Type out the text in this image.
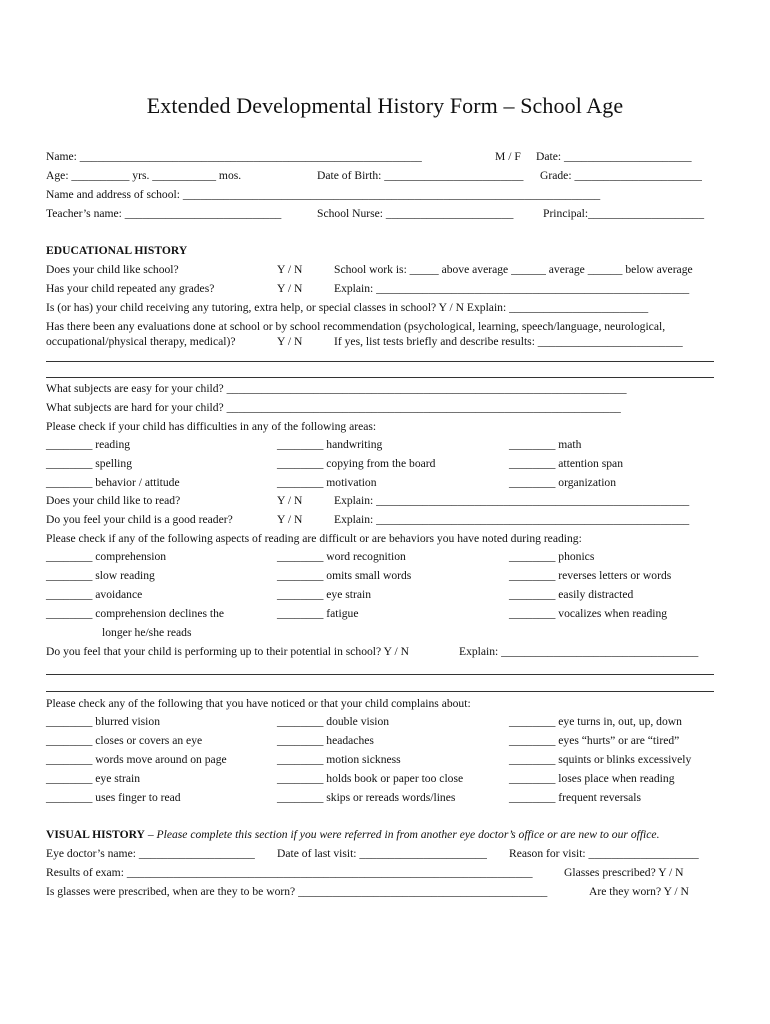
Extended Developmental History Form – School Age
Name: ___________________________________________________________	M / F Date: ______________________
Age: __________ yrs. ___________ mos.	Date of Birth: ________________________ Grade: ______________________
Name and address of school: ________________________________________________________________________
Teacher’s name: ___________________________	School Nurse: ______________________	Principal:____________________
EDUCATIONAL HISTORY
Does your child like school?	Y / N	School work is: _____ above average ______ average ______ below average
Has your child repeated any grades?	Y / N	Explain: ______________________________________________________
Is (or has) your child receiving any tutoring, extra help, or special classes in school? Y / N Explain: ________________________
Has there been any evaluations done at school or by school recommendation (psychological, learning, speech/language, neurological,
occupational/physical therapy, medical)?	Y / N	If yes, list tests briefly and describe results: _________________________
What subjects are easy for your child? _____________________________________________________________________
What subjects are hard for your child? ____________________________________________________________________
Please check if your child has difficulties in any of the following areas:
________ reading	________ handwriting	________ math
________ spelling	________ copying from the board	________ attention span
________ behavior / attitude	________ motivation	________ organization
Does your child like to read?	Y / N	Explain: ______________________________________________________
Do you feel your child is a good reader?	Y / N	Explain: ______________________________________________________
Please check if any of the following aspects of reading are difficult or are behaviors you have noted during reading:
________ comprehension	________ word recognition	________ phonics
________ slow reading	________ omits small words	________ reverses letters or words
________ avoidance	________ eye strain	________ easily distracted
________ comprehension declines the	________ fatigue	________ vocalizes when reading
longer he/she reads
Do you feel that your child is performing up to their potential in school? Y / N	Explain: __________________________________
Please check any of the following that you have noticed or that your child complains about:
________ blurred vision	________ double vision	________ eye turns in, out, up, down
________ closes or covers an eye	________ headaches	________ eyes “hurts” or are “tired”
________ words move around on page	________ motion sickness	________ squints or blinks excessively
________ eye strain	________ holds book or paper too close	________ loses place when reading
________ uses finger to read	________ skips or rereads words/lines	________ frequent reversals
VISUAL HISTORY – Please complete this section if you were referred in from another eye doctor’s office or are new to our office.
Eye doctor’s name: ____________________ Date of last visit: ______________________ Reason for visit: ___________________
Results of exam: ______________________________________________________________________	Glasses prescribed? Y / N
Is glasses were prescribed, when are they to be worn? ___________________________________________	Are they worn? Y / N
